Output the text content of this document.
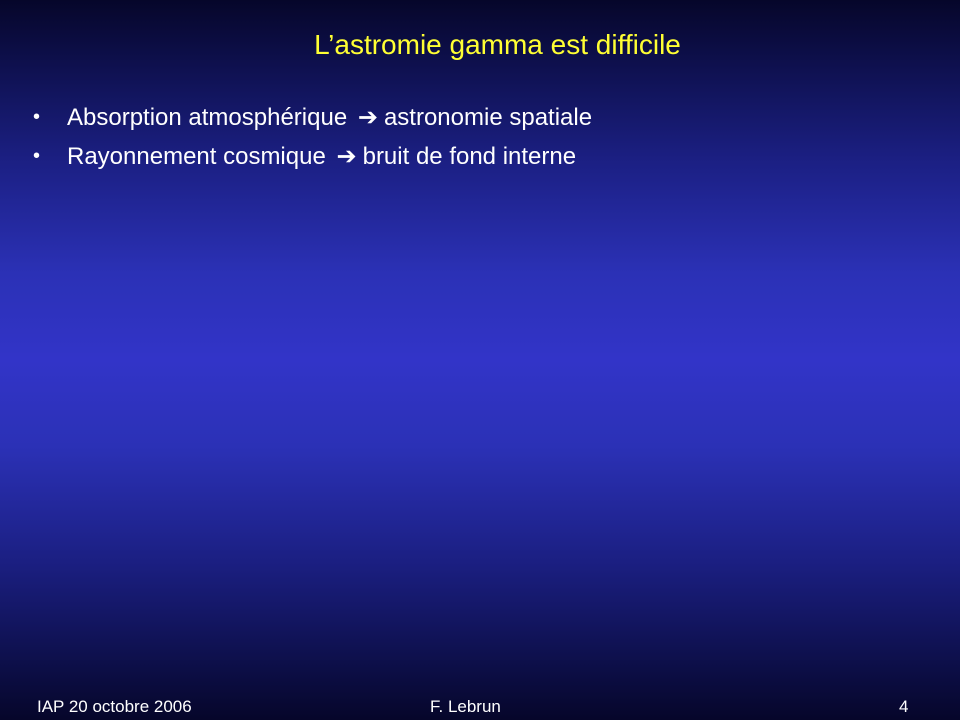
L’astromie gamma est difficile
• Absorption atmosphérique ➔ astronomie spatiale
• Rayonnement cosmique ➔ bruit de fond interne
IAP 20 octobre 2006	F. Lebrun	4
